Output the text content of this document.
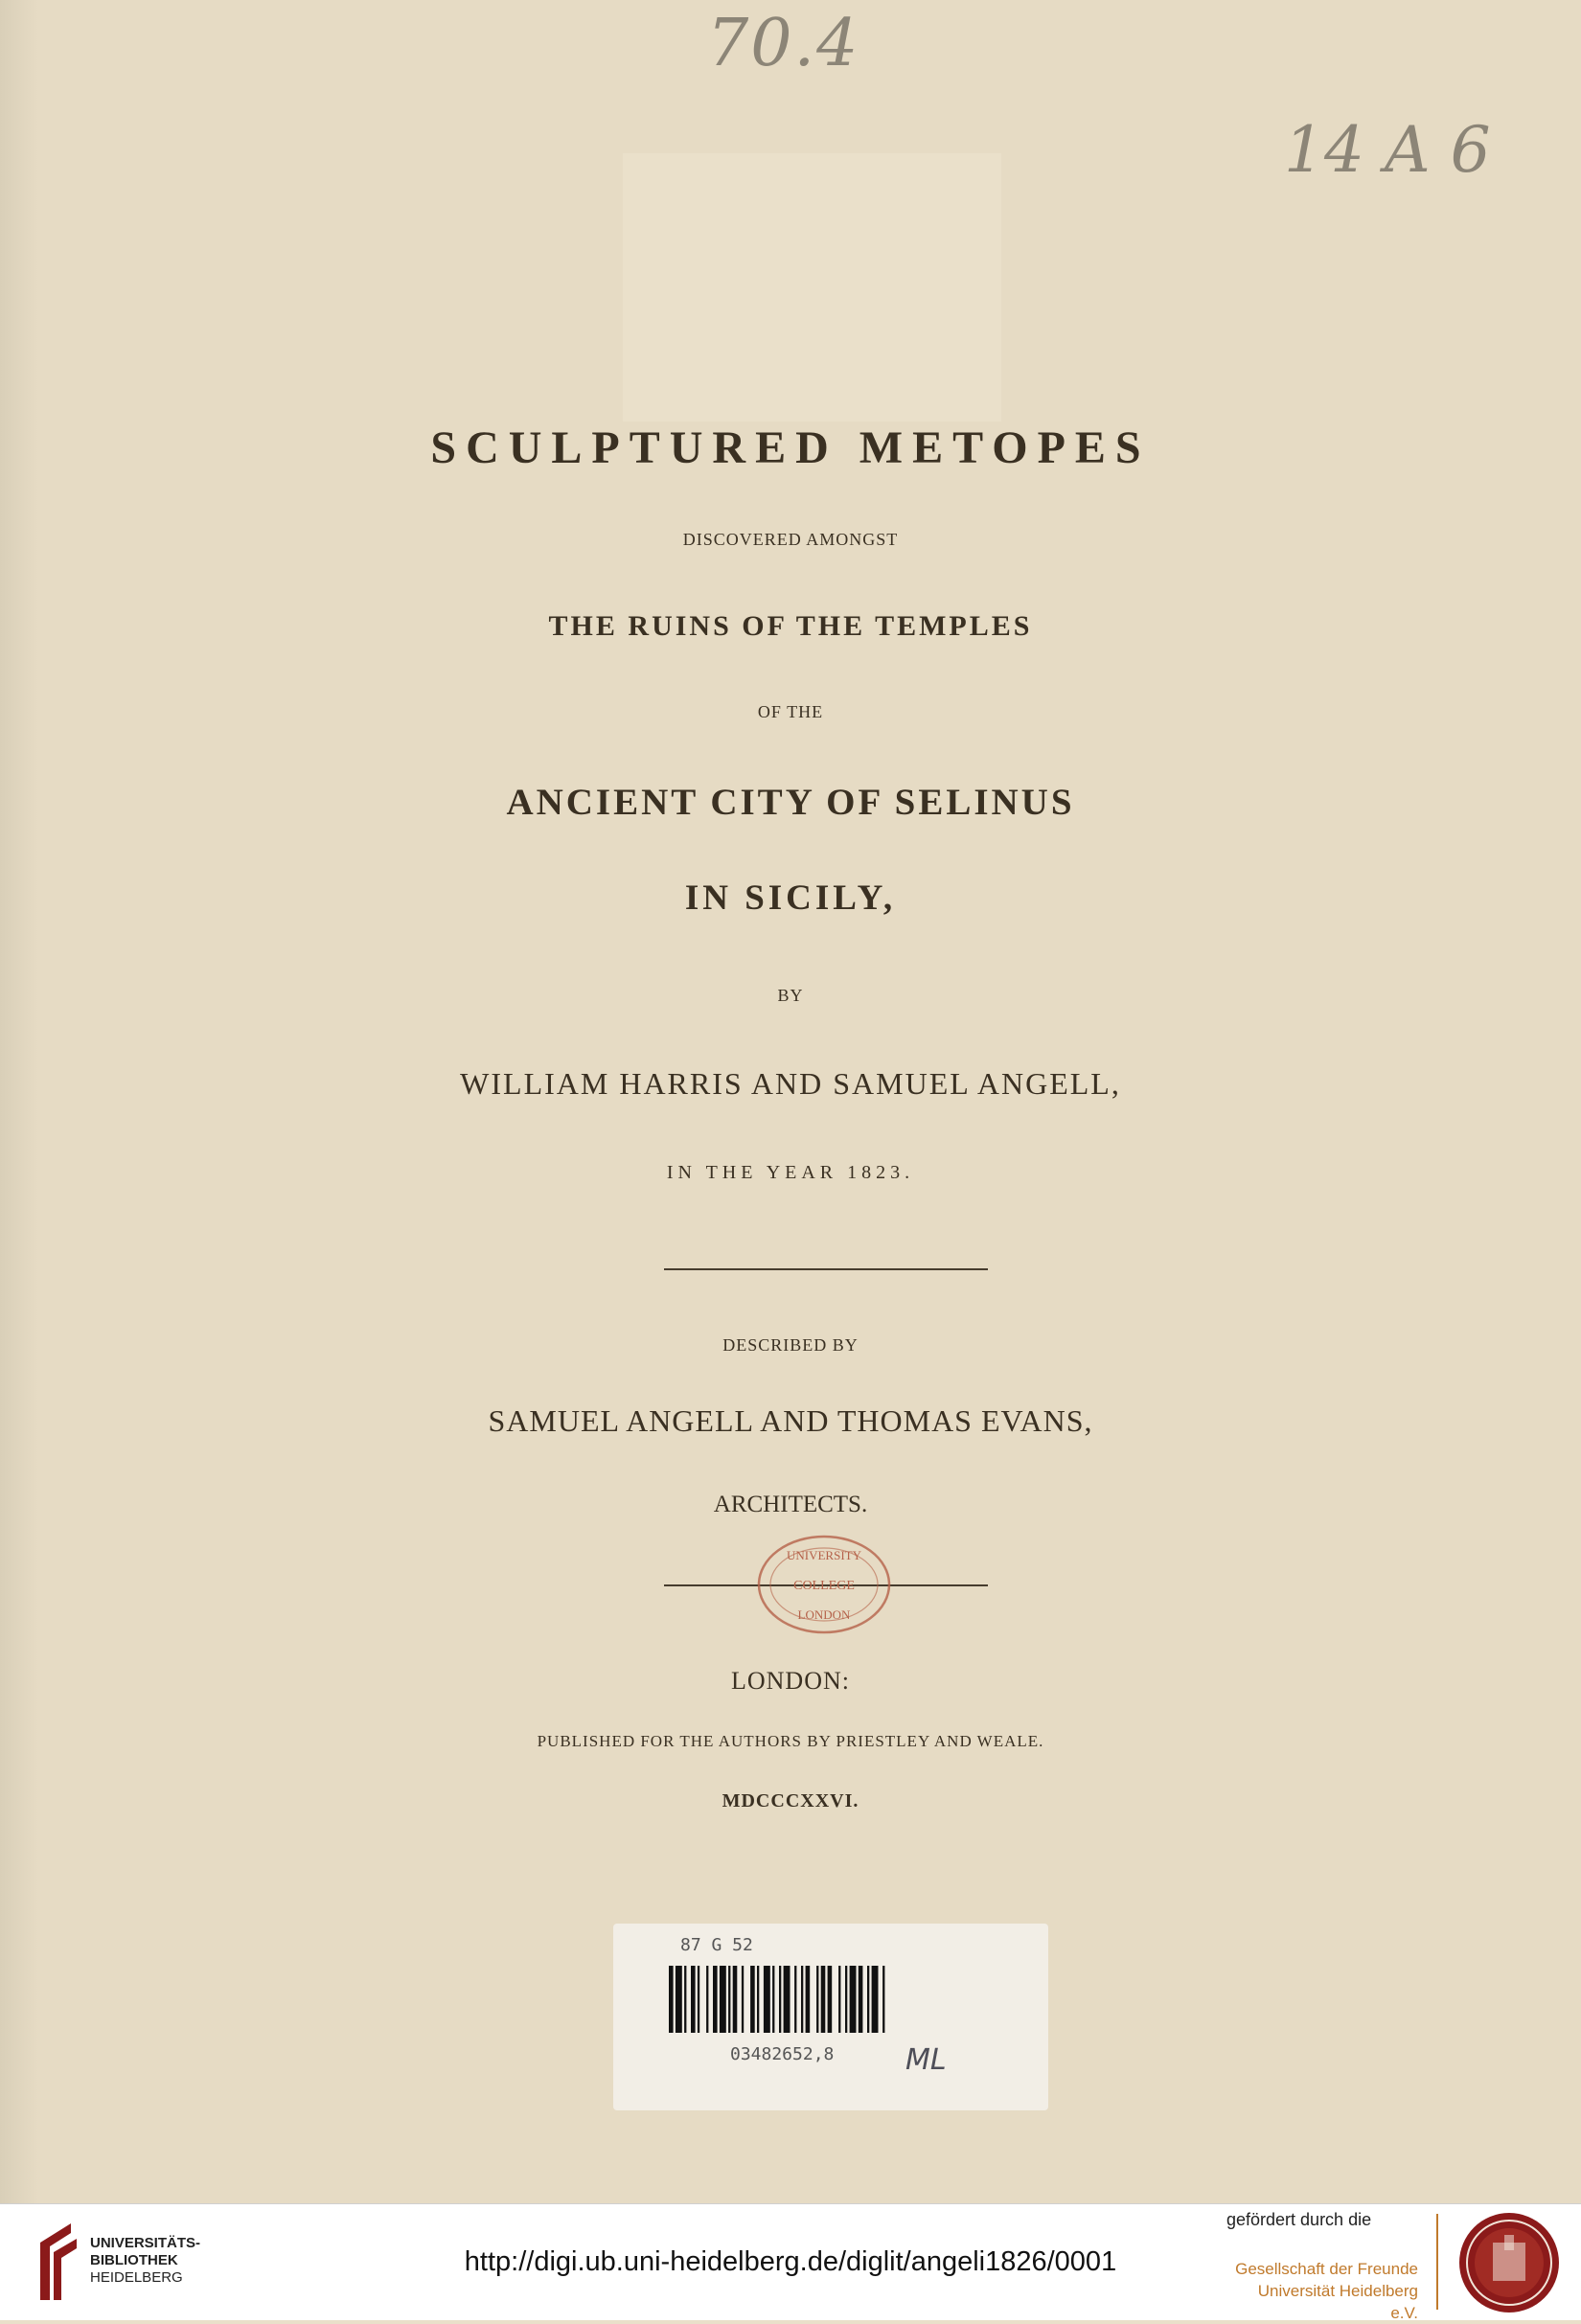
70.4
14 A 6
SCULPTURED METOPES
DISCOVERED AMONGST
THE RUINS OF THE TEMPLES
OF THE
ANCIENT CITY OF SELINUS
IN SICILY,
BY
WILLIAM HARRIS AND SAMUEL ANGELL,
IN THE YEAR 1823.
DESCRIBED BY
SAMUEL ANGELL AND THOMAS EVANS,
ARCHITECTS.
UNIVERSITY
COLLEGE
LONDON
LONDON:
PUBLISHED FOR THE AUTHORS BY PRIESTLEY AND WEALE.
MDCCCXXVI.
87 G 52
03482652,8 ML
UNIVERSITÄTS-
BIBLIOTHEK
HEIDELBERG
http://digi.ub.uni-heidelberg.de/diglit/angeli1826/0001
gefördert durch die
Gesellschaft der Freunde
Universität Heidelberg e.V.
